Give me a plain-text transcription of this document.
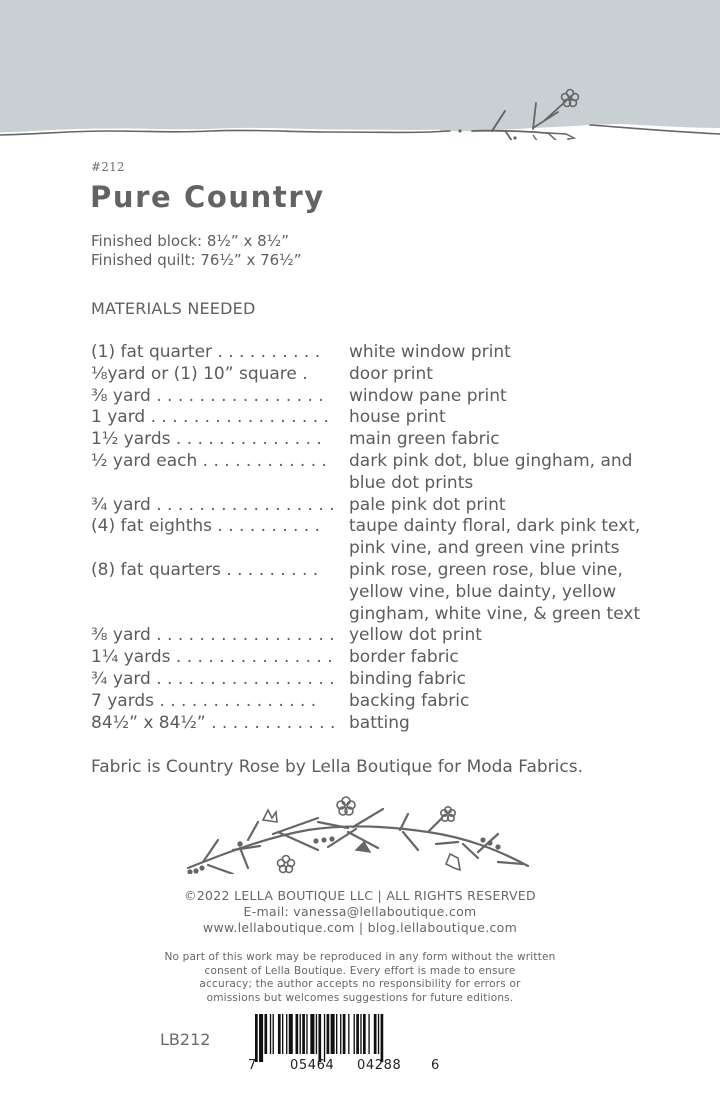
#212
Pure Country
Finished block: 8½” x 8½”
Finished quilt: 76½” x 76½”
MATERIALS NEEDED
(1) fat quarter . . . . . . . . . .	white window print
⅛yard or (1) 10” square .	door print
⅜ yard . . . . . . . . . . . . . . . .	window pane print
1 yard . . . . . . . . . . . . . . . . .	house print
1½ yards . . . . . . . . . . . . . .	main green fabric
½ yard each . . . . . . . . . . . .	dark pink dot, blue gingham, and
blue dot prints
¾ yard . . . . . . . . . . . . . . . . . pale pink dot print
(4) fat eighths . . . . . . . . . .	taupe dainty floral, dark pink text,
pink vine, and green vine prints
(8) fat quarters . . . . . . . . .	pink rose, green rose, blue vine,
yellow vine, blue dainty, yellow
gingham, white vine, & green text
⅜ yard . . . . . . . . . . . . . . . . . yellow dot print
1¼ yards . . . . . . . . . . . . . . . border fabric
¾ yard . . . . . . . . . . . . . . . . . binding fabric
7 yards . . . . . . . . . . . . . . .	backing fabric
84½” x 84½” . . . . . . . . . . . . batting
Fabric is Country Rose by Lella Boutique for Moda Fabrics.
©2022 LELLA BOUTIQUE LLC | ALL RIGHTS RESERVED
E-mail: vanessa@lellaboutique.com
www.lellaboutique.com | blog.lellaboutique.com
No part of this work may be reproduced in any form without the written
consent of Lella Boutique. Every effort is made to ensure
accuracy; the author accepts no responsibility for errors or
omissions but welcomes suggestions for future editions.
LB212
7	05464 04288 6
